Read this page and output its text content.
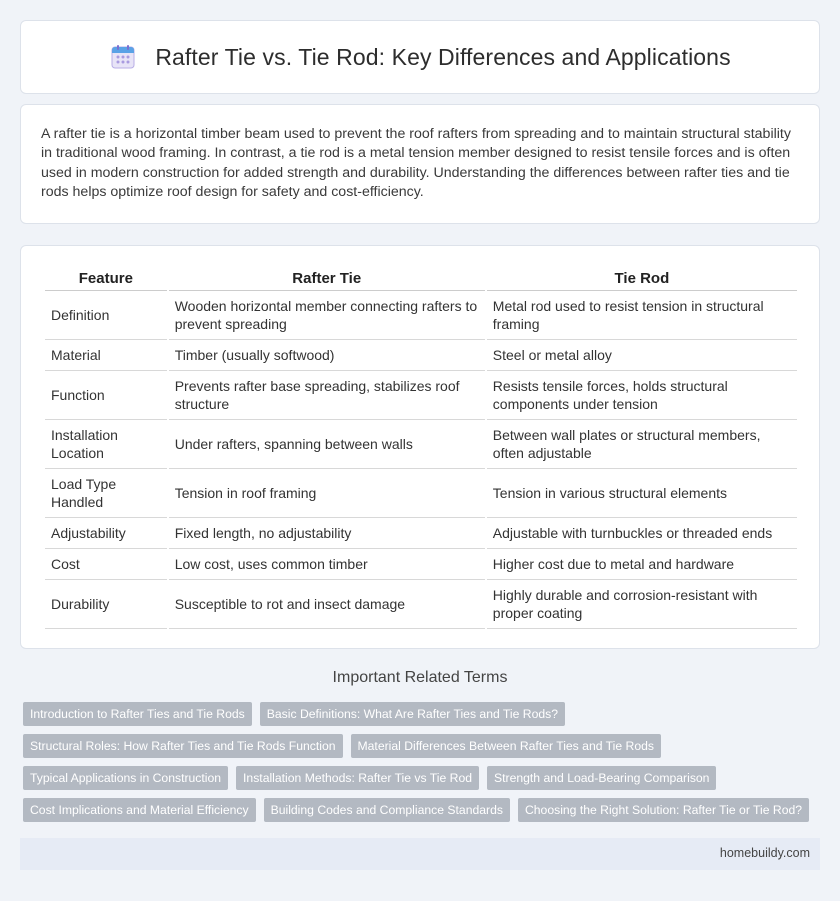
Rafter Tie vs. Tie Rod: Key Differences and Applications

A rafter tie is a horizontal timber beam used to prevent the roof rafters from spreading and to maintain structural stability in traditional wood framing. In contrast, a tie rod is a metal tension member designed to resist tensile forces and is often used in modern construction for added strength and durability. Understanding the differences between rafter ties and tie rods helps optimize roof design for safety and cost-efficiency.

Feature	Rafter Tie	Tie Rod
Definition	Wooden horizontal member connecting rafters to prevent spreading	Metal rod used to resist tension in structural framing
Material	Timber (usually softwood)	Steel or metal alloy
Function	Prevents rafter base spreading, stabilizes roof structure	Resists tensile forces, holds structural components under tension
Installation Location	Under rafters, spanning between walls	Between wall plates or structural members, often adjustable
Load Type Handled	Tension in roof framing	Tension in various structural elements
Adjustability	Fixed length, no adjustability	Adjustable with turnbuckles or threaded ends
Cost	Low cost, uses common timber	Higher cost due to metal and hardware
Durability	Susceptible to rot and insect damage	Highly durable and corrosion-resistant with proper coating
Important Related Terms
Introduction to Rafter Ties and Tie Rods	Basic Definitions: What Are Rafter Ties and Tie Rods?
Structural Roles: How Rafter Ties and Tie Rods Function	Material Differences Between Rafter Ties and Tie Rods
Typical Applications in Construction	Installation Methods: Rafter Tie vs Tie Rod	Strength and Load-Bearing Comparison
Cost Implications and Material Efficiency	Building Codes and Compliance Standards	Choosing the Right Solution: Rafter Tie or Tie Rod?
homebuildy.com
